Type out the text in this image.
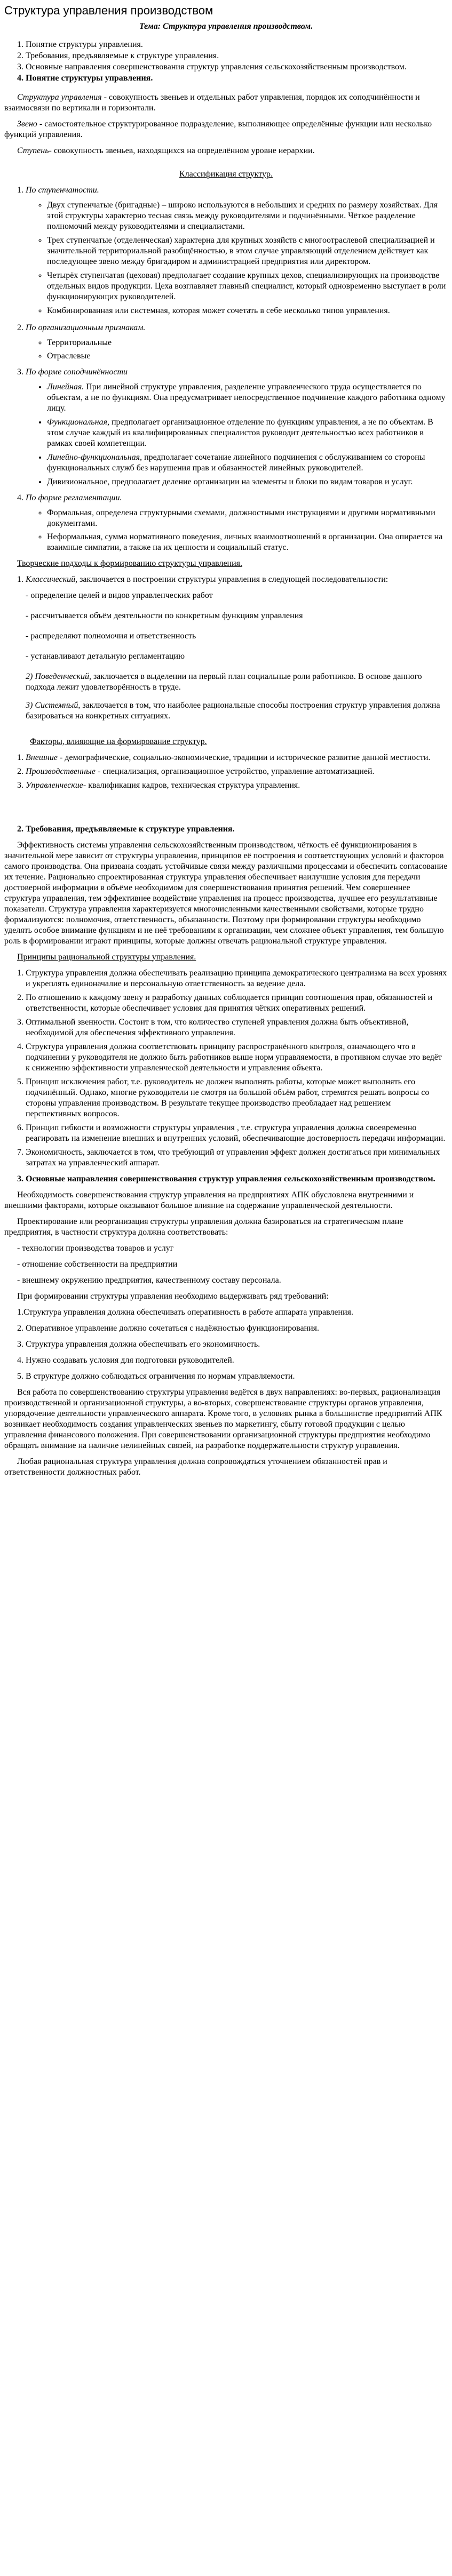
Структура управления производством
Тема: Структура управления производством.
1. Понятие структуры управления.
2. Требования, предъявляемые к структуре управления.
3. Основные направления совершенствования структур управления сельскохозяйственным производством.
4. Понятие структуры управления.

Структура управления - совокупность звеньев и отдельных работ управления, порядок их соподчинённости и взаимосвязи по вертикали и горизонтали.

Звено - самостоятельное структурированное подразделение, выполняющее определённые функции или несколько функций управления.

Ступень- совокупность звеньев, находящихся на определённом уровне иерархии.

Классификация структур.

1. По ступенчатости.
◦ Двух ступенчатые (бригадные) – широко используются в небольших и средних по размеру хозяйствах. Для этой структуры характерно тесная связь между руководителями и подчинёнными. Чёткое разделение полномочий между руководителями и специалистами.
◦ Трех ступенчатые (отделенческая) характерна для крупных хозяйств с многоотраслевой специализацией и значительной территориальной разобщённостью, в этом случае управляющий отделением действует как последующее звено между бригадиром и администрацией предприятия или директором.
◦ Четырёх ступенчатая (цеховая) предполагает создание крупных цехов, специализирующих на производстве отдельных видов продукции. Цеха возглавляет главный специалист, который одновременно выступает в роли функционирующих руководителей.
◦ Комбинированная или системная, которая может сочетать в себе несколько типов управления.
2. По организационным признакам.
◦ Территориальные
◦ Отраслевые
3. По форме соподчинённости
• Линейная. При линейной структуре управления, разделение управленческого труда осуществляется по объектам, а не по функциям. Она предусматривает непосредственное подчинение каждого работника одному лицу.
• Функциональная, предполагает организационное отделение по функциям управления, а не по объектам. В этом случае каждый из квалифицированных специалистов руководит деятельностью всех работников в рамках своей компетенции.
• Линейно-функциональная, предполагает сочетание линейного подчинения с обслуживанием со стороны функциональных служб без нарушения прав и обязанностей линейных руководителей.
• Дивизиональное, предполагает деление организации на элементы и блоки по видам товаров и услуг.
4. По форме регламентации.
◦ Формальная, определена структурными схемами, должностными инструкциями и другими нормативными документами.
◦ Неформальная, сумма нормативного поведения, личных взаимоотношений в организации. Она опирается на взаимные симпатии, а также на их ценности и социальный статус.

Творческие подходы к формированию структуры управления.

1. Классический, заключается в построении структуры управления в следующей последовательности:
- определение целей и видов управленческих работ
- рассчитывается объём деятельности по конкретным функциям управления
- распределяют полномочия и ответственность
- устанавливают детальную регламентацию
2) Поведенческий, заключается в выделении на первый план социальные роли работников. В основе данного подхода лежит удовлетворённость в труде.
3) Системный, заключается в том, что наиболее рациональные способы построения структур управления должна базироваться на конкретных ситуациях.

Факторы, влияющие на формирование структур.

1. Внешние - демографические, социально-экономические, традиции и историческое развитие данной местности.
2. Производственные - специализация, организационное устройство, управление автоматизацией.
3. Управленческие- квалификация кадров, техническая структура управления.
2. Требования, предъявляемые к структуре управления.

Эффективность системы управления сельскохозяйственным производством, чёткость её функционирования в значительной мере зависит от структуры управления, принципов её построения и соответствующих условий и факторов самого производства. Она призвана создать устойчивые связи между различными процессами и обеспечить согласование их течение. Рационально спроектированная структура управления обеспечивает наилучшие условия для передачи достоверной информации в объёме необходимом для совершенствования принятия решений. Чем совершеннее структура управления, тем эффективнее воздействие управления на процесс производства, лучшее его результативные показатели. Структура управления характеризуется многочисленными качественными свойствами, которые трудно формализуются: полномочия, ответственность, объязанности. Поэтому при формировании структуры необходимо уделять особое внимание функциям и не неё требованиям к организации, чем сложнее объект управления, тем большую роль в формировании играют принципы, которые должны отвечать рациональной структуре управления.

Принципы рациональной структуры управления.

1. Структура управления должна обеспечивать реализацию принципа демократического централизма на всех уровнях и укреплять единоначалие и персональную ответственность за ведение дела.
2. По отношению к каждому звену и разработку данных соблюдается принцип соотношения прав, обязанностей и ответственности, которые обеспечивает условия для принятия чётких оперативных решений.
3. Оптимальной звенности. Состоит в том, что количество ступеней управления должна быть объективной, необходимой для обеспечения эффективного управления.
4. Структура управления должна соответствовать принципу распространённого контроля, означающего что в подчинении у руководителя не должно быть работников выше норм управляемости, в противном случае это ведёт к снижению эффективности управленческой деятельности и управления объекта.
5. Принцип исключения работ, т.е. руководитель не должен выполнять работы, которые может выполнять его подчинённый. Однако, многие руководители не смотря на большой объём работ, стремятся решать вопросы со стороны управления производством. В результате текущее производство преобладает над решением перспективных вопросов.
6. Принцип гибкости и возможности структуры управления , т.е. структура управления должна своевременно реагировать на изменение внешних и внутренних условий, обеспечивающие достоверность передачи информации.
7. Экономичность, заключается в том, что требующий от управления эффект должен достигаться при минимальных затратах на управленческий аппарат.

3. Основные направления совершенствования структур управления сельскохозяйственным производством.

Необходимость совершенствования структур управления на предприятиях АПК обусловлена внутренними и внешними факторами, которые оказывают большое влияние на содержание управленческой деятельности.

Проектирование или реорганизация структуры управления должна базироваться на стратегическом плане предприятия, в частности структура должна соответствовать:

- технологии производства товаров и услуг

- отношение собственности на предприятии

- внешнему окружению предприятия, качественному составу персонала.

При формировании структуры управления необходимо выдерживать ряд требований:

1.Структура управления должна обеспечивать оперативность в работе аппарата управления.

2. Оперативное управление должно сочетаться с надёжностью функционирования.

3. Структура управления должна обеспечивать его экономичность.

4. Нужно создавать условия для подготовки руководителей.

5. В структуре должно соблюдаться ограничения по нормам управляемости.

Вся работа по совершенствованию структуры управления ведётся в двух направлениях: во-первых, рационализация производственной и организационной структуры, а во-вторых, совершенствование структуры органов управления, упорядочение деятельности управленческого аппарата. Кроме того, в условиях рынка в большинстве предприятий АПК возникает необходимость создания управленческих звеньев по маркетингу, сбыту готовой продукции с целью управления финансового положения. При совершенствовании организационной структуры предприятия необходимо обращать внимание на наличие нелинейных связей, на разработке поддержательности структур управления.

Любая рациональная структура управления должна сопровождаться уточнением обязанностей прав и ответственности должностных работ.
